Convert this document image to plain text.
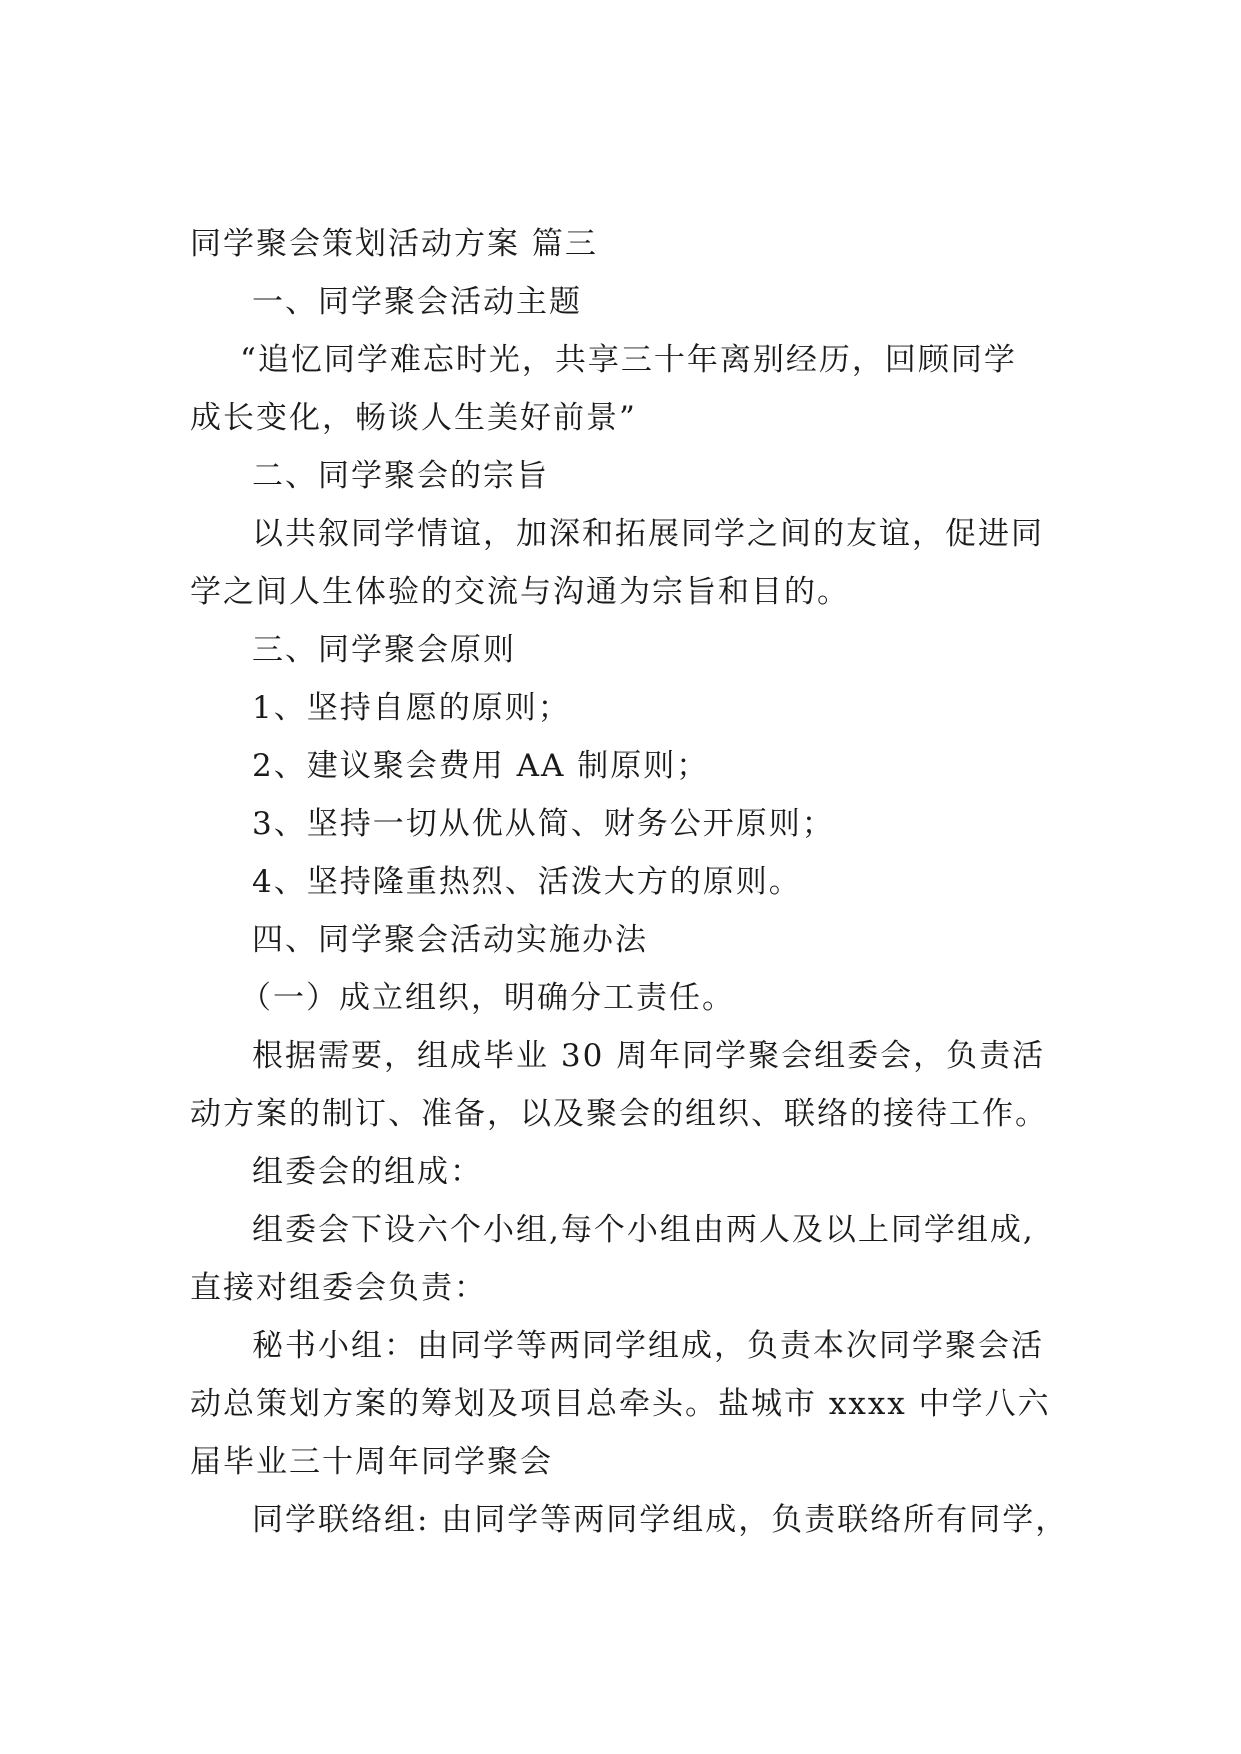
同学聚会策划活动方案 篇三
一、同学聚会活动主题
“追忆同学难忘时光，共享三十年离别经历，回顾同学
成长变化，畅谈人生美好前景”
二、同学聚会的宗旨
以共叙同学情谊，加深和拓展同学之间的友谊，促进同
学之间人生体验的交流与沟通为宗旨和目的。
三、同学聚会原则
1、坚持自愿的原则；
2、建议聚会费用 AA 制原则；
3、坚持一切从优从简、财务公开原则；
4、坚持隆重热烈、活泼大方的原则。
四、同学聚会活动实施办法
（一）成立组织，明确分工责任。
根据需要，组成毕业 30 周年同学聚会组委会，负责活
动方案的制订、准备，以及聚会的组织、联络的接待工作。
组委会的组成：
组委会下设六个小组,每个小组由两人及以上同学组成,
直接对组委会负责：
秘书小组：由同学等两同学组成，负责本次同学聚会活
动总策划方案的筹划及项目总牵头。盐城市 xxxx 中学八六
届毕业三十周年同学聚会
同学联络组: 由同学等两同学组成，负责联络所有同学，
